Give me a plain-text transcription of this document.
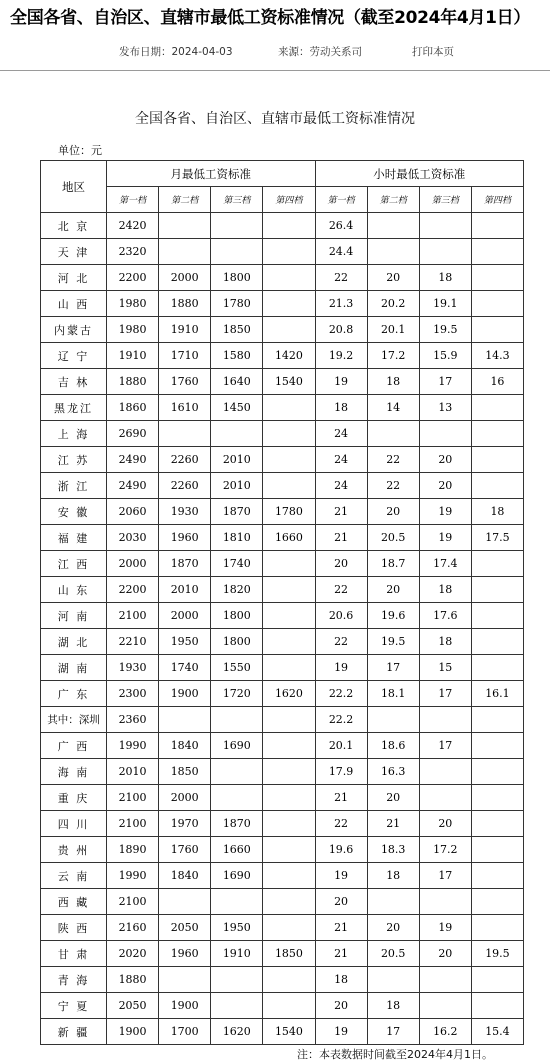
全国各省、自治区、直辖市最低工资标准情况（截至2024年4月1日）
发布日期：2024-04-03	来源：劳动关系司	打印本页
全国各省、自治区、直辖市最低工资标准情况
单位：元
地区	月最低工资标准				小时最低工资标准			
	第一档	第二档	第三档	第四档	第一档	第二档	第三档	第四档
北 京	2420				26.4			
天 津	2320				24.4			
河 北	2200	2000	1800		22	20	18	
山 西	1980	1880	1780		21.3	20.2	19.1	
内蒙古	1980	1910	1850		20.8	20.1	19.5	
辽 宁	1910	1710	1580	1420	19.2	17.2	15.9	14.3
吉 林	1880	1760	1640	1540	19	18	17	16
黑龙江	1860	1610	1450		18	14	13	
上 海	2690				24			
江 苏	2490	2260	2010		24	22	20	
浙 江	2490	2260	2010		24	22	20	
安 徽	2060	1930	1870	1780	21	20	19	18
福 建	2030	1960	1810	1660	21	20.5	19	17.5
江 西	2000	1870	1740		20	18.7	17.4	
山 东	2200	2010	1820		22	20	18	
河 南	2100	2000	1800		20.6	19.6	17.6	
湖 北	2210	1950	1800		22	19.5	18	
湖 南	1930	1740	1550		19	17	15	
广 东	2300	1900	1720	1620	22.2	18.1	17	16.1
其中：深圳	2360				22.2			
广 西	1990	1840	1690		20.1	18.6	17	
海 南	2010	1850			17.9	16.3		
重 庆	2100	2000			21	20		
四 川	2100	1970	1870		22	21	20	
贵 州	1890	1760	1660		19.6	18.3	17.2	
云 南	1990	1840	1690		19	18	17	
西 藏	2100				20			
陕 西	2160	2050	1950		21	20	19	
甘 肃	2020	1960	1910	1850	21	20.5	20	19.5
青 海	1880				18			
宁 夏	2050	1900			20	18		
新 疆	1900	1700	1620	1540	19	17	16.2	15.4
注：本表数据时间截至2024年4月1日。
